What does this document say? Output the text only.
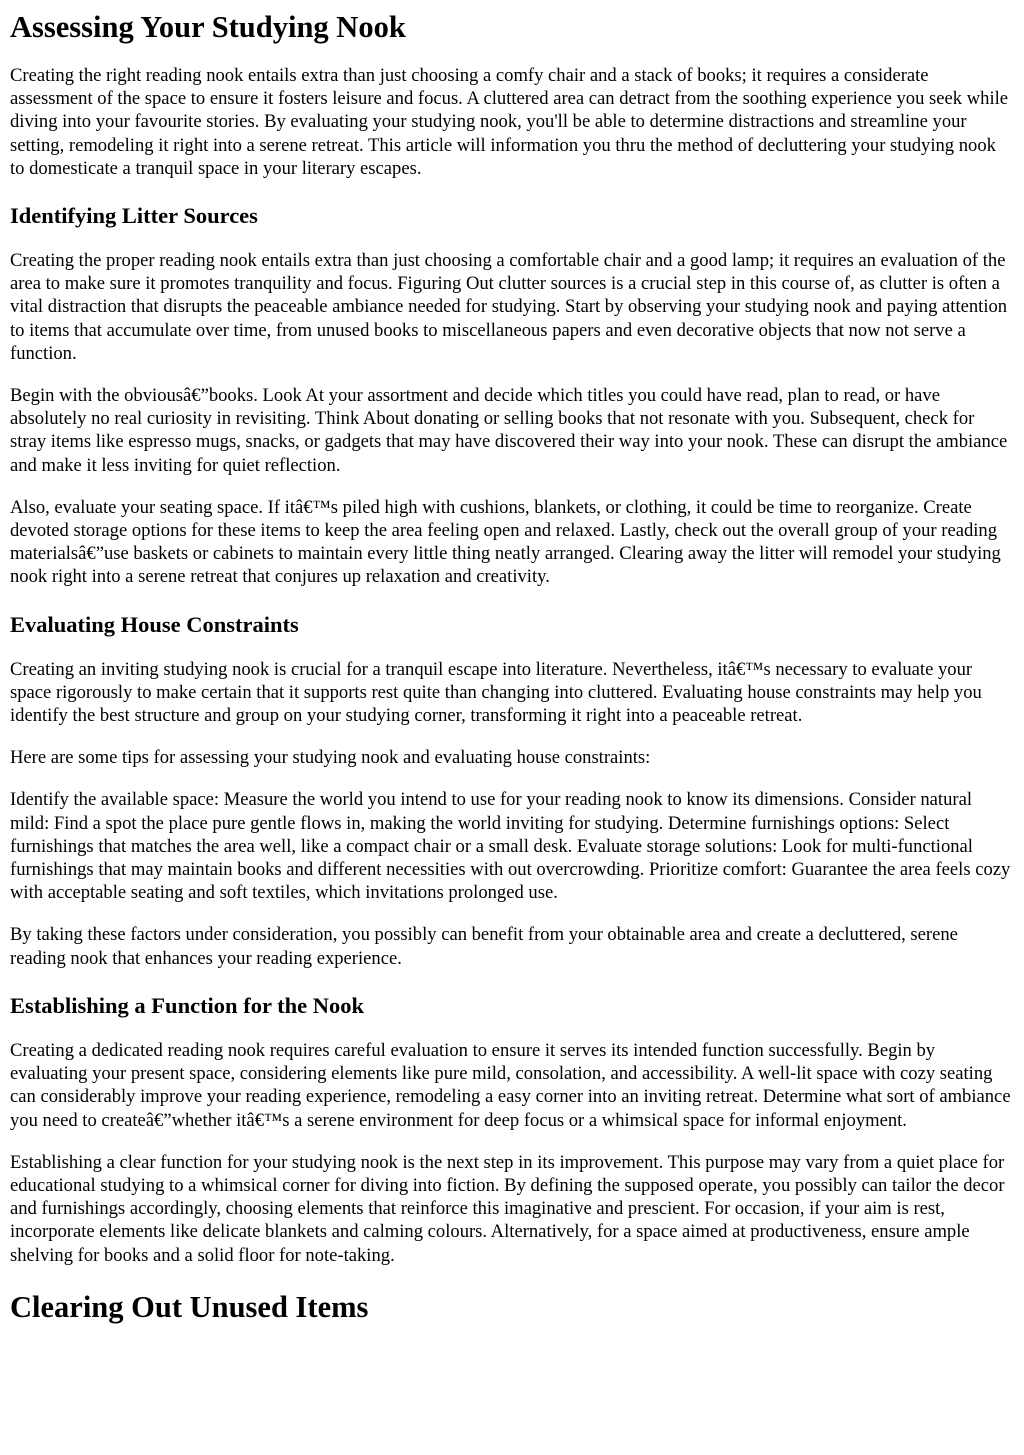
Assessing Your Studying Nook

Creating the right reading nook entails extra than just choosing a comfy chair and a stack of books; it requires a considerate assessment of the space to ensure it fosters leisure and focus. A cluttered area can detract from the soothing experience you seek while diving into your favourite stories. By evaluating your studying nook, you'll be able to determine distractions and streamline your setting, remodeling it right into a serene retreat. This article will information you thru the method of decluttering your studying nook to domesticate a tranquil space in your literary escapes.

Identifying Litter Sources

Creating the proper reading nook entails extra than just choosing a comfortable chair and a good lamp; it requires an evaluation of the area to make sure it promotes tranquility and focus. Figuring Out clutter sources is a crucial step in this course of, as clutter is often a vital distraction that disrupts the peaceable ambiance needed for studying. Start by observing your studying nook and paying attention to items that accumulate over time, from unused books to miscellaneous papers and even decorative objects that now not serve a function.

Begin with the obviousâ€”books. Look At your assortment and decide which titles you could have read, plan to read, or have absolutely no real curiosity in revisiting. Think About donating or selling books that not resonate with you. Subsequent, check for stray items like espresso mugs, snacks, or gadgets that may have discovered their way into your nook. These can disrupt the ambiance and make it less inviting for quiet reflection.

Also, evaluate your seating space. If itâ€™s piled high with cushions, blankets, or clothing, it could be time to reorganize. Create devoted storage options for these items to keep the area feeling open and relaxed. Lastly, check out the overall group of your reading materialsâ€”use baskets or cabinets to maintain every little thing neatly arranged. Clearing away the litter will remodel your studying nook right into a serene retreat that conjures up relaxation and creativity.

Evaluating House Constraints

Creating an inviting studying nook is crucial for a tranquil escape into literature. Nevertheless, itâ€™s necessary to evaluate your space rigorously to make certain that it supports rest quite than changing into cluttered. Evaluating house constraints may help you identify the best structure and group on your studying corner, transforming it right into a peaceable retreat.

Here are some tips for assessing your studying nook and evaluating house constraints:

Identify the available space: Measure the world you intend to use for your reading nook to know its dimensions. Consider natural mild: Find a spot the place pure gentle flows in, making the world inviting for studying. Determine furnishings options: Select furnishings that matches the area well, like a compact chair or a small desk. Evaluate storage solutions: Look for multi-functional furnishings that may maintain books and different necessities with out overcrowding. Prioritize comfort: Guarantee the area feels cozy with acceptable seating and soft textiles, which invitations prolonged use.

By taking these factors under consideration, you possibly can benefit from your obtainable area and create a decluttered, serene reading nook that enhances your reading experience.

Establishing a Function for the Nook

Creating a dedicated reading nook requires careful evaluation to ensure it serves its intended function successfully. Begin by evaluating your present space, considering elements like pure mild, consolation, and accessibility. A well-lit space with cozy seating can considerably improve your reading experience, remodeling a easy corner into an inviting retreat. Determine what sort of ambiance you need to createâ€”whether itâ€™s a serene environment for deep focus or a whimsical space for informal enjoyment.

Establishing a clear function for your studying nook is the next step in its improvement. This purpose may vary from a quiet place for educational studying to a whimsical corner for diving into fiction. By defining the supposed operate, you possibly can tailor the decor and furnishings accordingly, choosing elements that reinforce this imaginative and prescient. For occasion, if your aim is rest, incorporate elements like delicate blankets and calming colours. Alternatively, for a space aimed at productiveness, ensure ample shelving for books and a solid floor for note-taking.

Clearing Out Unused Items
